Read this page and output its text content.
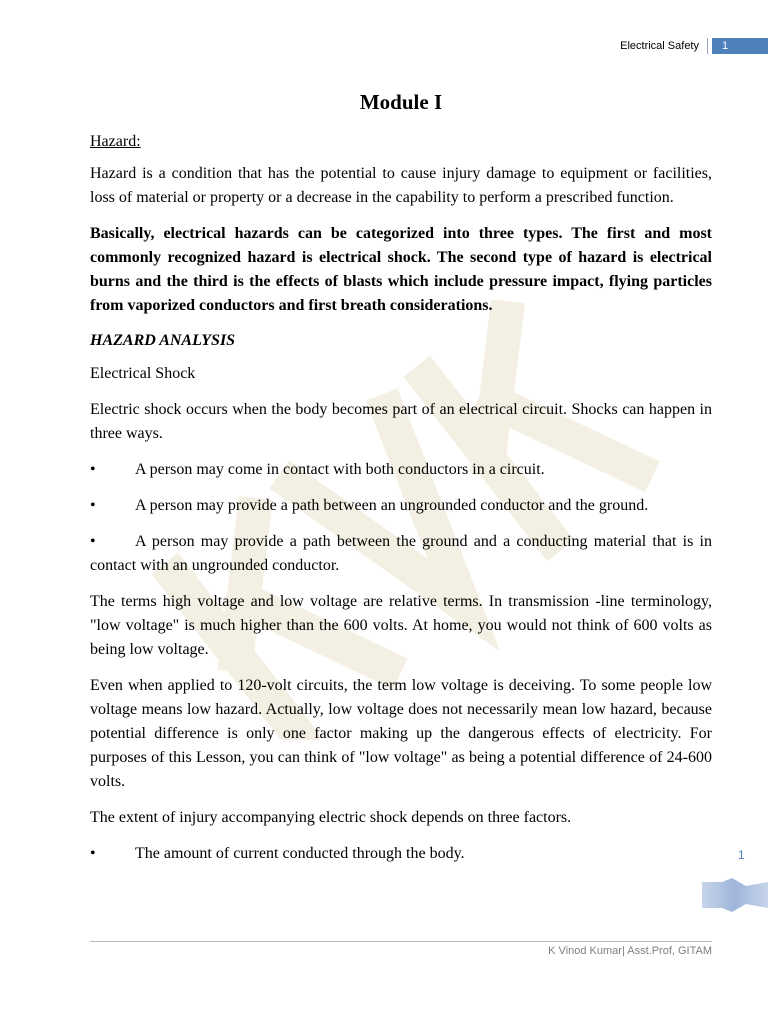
Electrical Safety	1
Module I
Hazard:

Hazard is a condition that has the potential to cause injury damage to equipment or facilities, loss of material or property or a decrease in the capability to perform a prescribed function.

Basically, electrical hazards can be categorized into three types. The first and most commonly recognized hazard is electrical shock. The second type of hazard is electrical burns and the third is the effects of blasts which include pressure impact, flying particles from vaporized conductors and first breath considerations.

HAZARD ANALYSIS
Electrical Shock

Electric shock occurs when the body becomes part of an electrical circuit. Shocks can happen in three ways.

• A person may come in contact with both conductors in a circuit.
• A person may provide a path between an ungrounded conductor and the ground.
• A person may provide a path between the ground and a conducting material that is in contact with an ungrounded conductor.

The terms high voltage and low voltage are relative terms. In transmission -line terminology, "low voltage" is much higher than the 600 volts. At home, you would not think of 600 volts as being low voltage.

Even when applied to 120-volt circuits, the term low voltage is deceiving. To some people low voltage means low hazard. Actually, low voltage does not necessarily mean low hazard, because potential difference is only one factor making up the dangerous effects of electricity. For purposes of this Lesson, you can think of "low voltage" as being a potential difference of 24-600 volts.

The extent of injury accompanying electric shock depends on three factors.

• The amount of current conducted through the body.	1
K Vinod Kumar| Asst.Prof, GITAM
